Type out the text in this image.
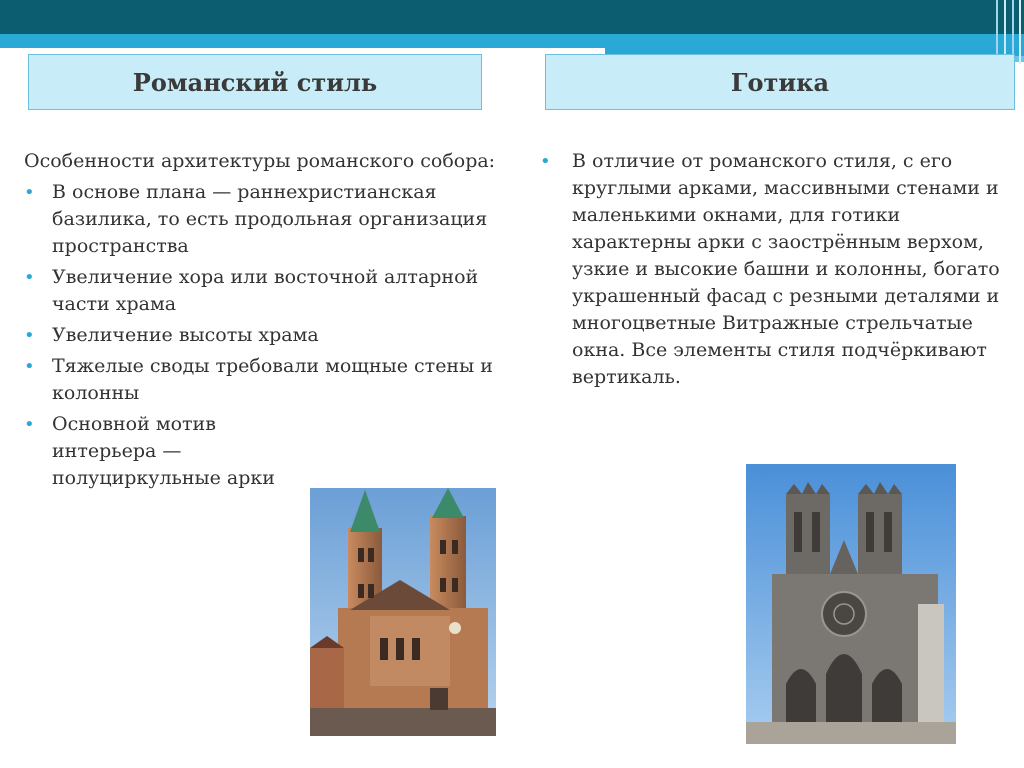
Романский стиль	Готика

Особенности архитектуры романского собора:

• В основе плана — раннехристианская базилика, то есть продольная организация пространства
• Увеличение хора или восточной алтарной части храма
• Увеличение высоты храма
• Тяжелые своды требовали мощные стены и колонны
• Основной мотив интерьера — полуциркульные арки
• В отличие от романского стиля, с его круглыми арками, массивными стенами и маленькими окнами, для готики характерны арки с заострённым верхом, узкие и высокие башни и колонны, богато украшенный фасад с резными деталями и многоцветные Витражные стрельчатые окна. Все элементы стиля подчёркивают вертикаль.
